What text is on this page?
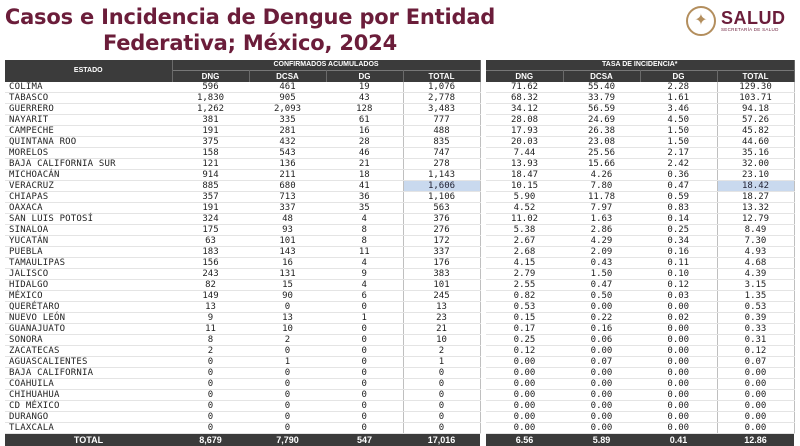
Casos e Incidencia de Dengue por Entidad
Federativa; México, 2024
✦ SALUD
SECRETARÍA DE SALUD
ESTADO	CONFIRMADOS ACUMULADOS					TASA DE INCIDENCIA*			
	DNG	DCSA	DG	TOTAL		DNG	DCSA	DG	TOTAL
COLIMA	596	461	19	1,076		71.62	55.40	2.28	129.30
TABASCO	1,830	905	43	2,778		68.32	33.79	1.61	103.71
GUERRERO	1,262	2,093	128	3,483		34.12	56.59	3.46	94.18
NAYARIT	381	335	61	777		28.08	24.69	4.50	57.26
CAMPECHE	191	281	16	488		17.93	26.38	1.50	45.82
QUINTANA ROO	375	432	28	835		20.03	23.08	1.50	44.60
MORELOS	158	543	46	747		7.44	25.56	2.17	35.16
BAJA CALIFORNIA SUR	121	136	21	278		13.93	15.66	2.42	32.00
MICHOACÁN	914	211	18	1,143		18.47	4.26	0.36	23.10
VERACRUZ	885	680	41	1,606		10.15	7.80	0.47	18.42
CHIAPAS	357	713	36	1,106		5.90	11.78	0.59	18.27
OAXACA	191	337	35	563		4.52	7.97	0.83	13.32
SAN LUIS POTOSÍ	324	48	4	376		11.02	1.63	0.14	12.79
SINALOA	175	93	8	276		5.38	2.86	0.25	8.49
YUCATÁN	63	101	8	172		2.67	4.29	0.34	7.30
PUEBLA	183	143	11	337		2.68	2.09	0.16	4.93
TAMAULIPAS	156	16	4	176		4.15	0.43	0.11	4.68
JALISCO	243	131	9	383		2.79	1.50	0.10	4.39
HIDALGO	82	15	4	101		2.55	0.47	0.12	3.15
MÉXICO	149	90	6	245		0.82	0.50	0.03	1.35
QUERÉTARO	13	0	0	13		0.53	0.00	0.00	0.53
NUEVO LEÓN	9	13	1	23		0.15	0.22	0.02	0.39
GUANAJUATO	11	10	0	21		0.17	0.16	0.00	0.33
SONORA	8	2	0	10		0.25	0.06	0.00	0.31
ZACATECAS	2	0	0	2		0.12	0.00	0.00	0.12
AGUASCALIENTES	0	1	0	1		0.00	0.07	0.00	0.07
BAJA CALIFORNIA	0	0	0	0		0.00	0.00	0.00	0.00
COAHUILA	0	0	0	0		0.00	0.00	0.00	0.00
CHIHUAHUA	0	0	0	0		0.00	0.00	0.00	0.00
CD MÉXICO	0	0	0	0		0.00	0.00	0.00	0.00
DURANGO	0	0	0	0		0.00	0.00	0.00	0.00
TLAXCALA	0	0	0	0		0.00	0.00	0.00	0.00
TOTAL	8,679	7,790	547	17,016		6.56	5.89	0.41	12.86
